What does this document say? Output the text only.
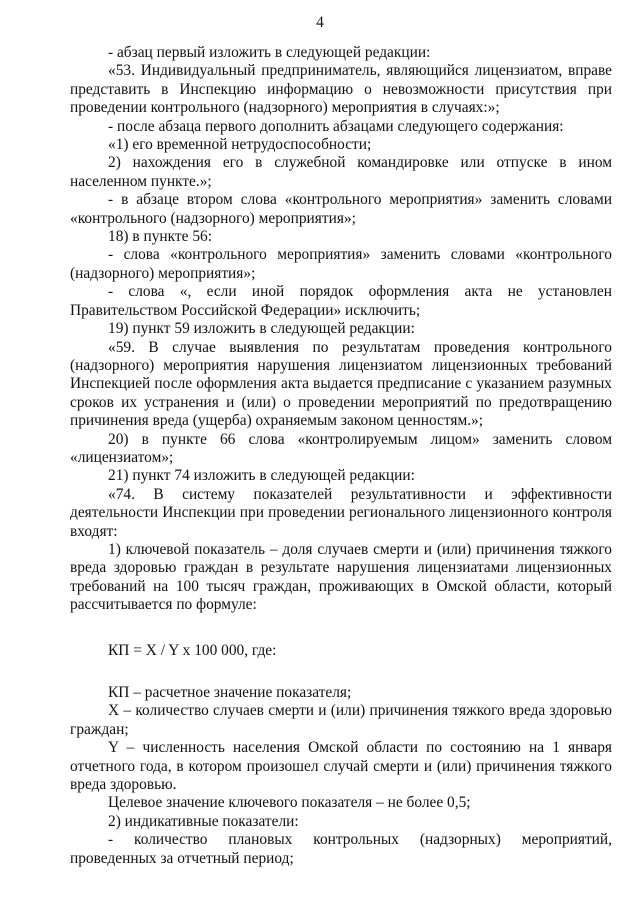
4

- абзац первый изложить в следующей редакции:

«53. Индивидуальный предприниматель, являющийся лицензиатом, вправе представить в Инспекцию информацию о невозможности присутствия при проведении контрольного (надзорного) мероприятия в случаях:»;

- после абзаца первого дополнить абзацами следующего содержания:

«1) его временной нетрудоспособности;

2) нахождения его в служебной командировке или отпуске в ином населенном пункте.»;

- в абзаце втором слова «контрольного мероприятия» заменить словами «контрольного (надзорного) мероприятия»;

18) в пункте 56:

- слова «контрольного мероприятия» заменить словами «контрольного (надзорного) мероприятия»;

- слова «, если иной порядок оформления акта не установлен Правительством Российской Федерации» исключить;

19) пункт 59 изложить в следующей редакции:

«59. В случае выявления по результатам проведения контрольного (надзорного) мероприятия нарушения лицензиатом лицензионных требований Инспекцией после оформления акта выдается предписание с указанием разумных сроков их устранения и (или) о проведении мероприятий по предотвращению причинения вреда (ущерба) охраняемым законом ценностям.»;

20) в пункте 66 слова «контролируемым лицом» заменить словом «лицензиатом»;

21) пункт 74 изложить в следующей редакции:

«74. В систему показателей результативности и эффективности деятельности Инспекции при проведении регионального лицензионного контроля входят:

1) ключевой показатель – доля случаев смерти и (или) причинения тяжкого вреда здоровью граждан в результате нарушения лицензиатами лицензионных требований на 100 тысяч граждан, проживающих в Омской области, который рассчитывается по формуле:

КП = X / Y x 100 000, где:

КП – расчетное значение показателя;

X – количество случаев смерти и (или) причинения тяжкого вреда здоровью граждан;

Y – численность населения Омской области по состоянию на 1 января отчетного года, в котором произошел случай смерти и (или) причинения тяжкого вреда здоровью.

Целевое значение ключевого показателя – не более 0,5;

2) индикативные показатели:

- количество плановых контрольных (надзорных) мероприятий, проведенных за отчетный период;
